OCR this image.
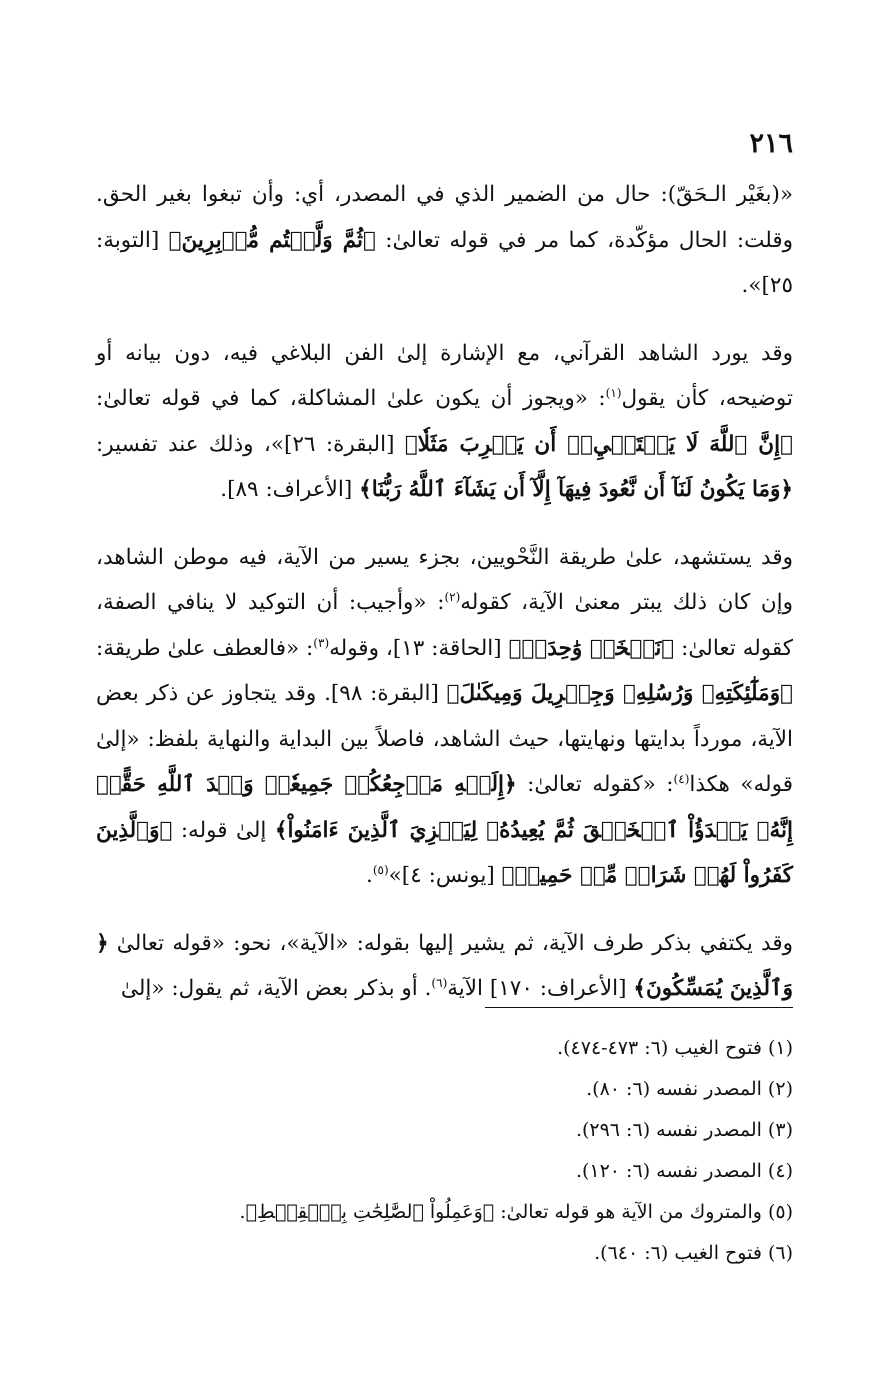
٢١٦

«(بغَيْر الـحَقّ): حال من الضمير الذي في المصدر، أي: وأن تبغوا بغير الحق. وقلت: الحال مؤكّدة، كما مر في قوله تعالىٰ: ﴿ثُمَّ وَلَّيۡتُم مُّدۡبِرِينَ﴾ [التوبة: ٢٥]».

وقد يورد الشاهد القرآني، مع الإشارة إلىٰ الفن البلاغي فيه، دون بيانه أو توضيحه، كأن يقول$^{(١)}$: «ويجوز أن يكون علىٰ المشاكلة، كما في قوله تعالىٰ: ﴿إِنَّ ٱللَّهَ لَا يَسۡتَحۡيِۦٓ أَن يَضۡرِبَ مَثَلٗا﴾ [البقرة: ٢٦]»، وذلك عند تفسير: ﴿وَمَا يَكُونُ لَنَآ أَن نَّعُودَ فِيهَآ إِلَّآ أَن يَشَآءَ ٱللَّهُ رَبُّنَا﴾ [الأعراف: ٨٩].

وقد يستشهد، علىٰ طريقة النَّحْويين، بجزء يسير من الآية، فيه موطن الشاهد، وإن كان ذلك يبتر معنىٰ الآية، كقوله$^{(٢)}$: «وأجيب: أن التوكيد لا ينافي الصفة، كقوله تعالىٰ: ﴿نَفۡخَةٞ وَٰحِدَةٞ﴾ [الحاقة: ١٣]، وقوله$^{(٣)}$: «فالعطف علىٰ طريقة: ﴿وَمَلَٰٓئِكَتِهِۦ وَرُسُلِهِۦ وَجِبۡرِيلَ وَمِيكَىٰلَ﴾ [البقرة: ٩٨]. وقد يتجاوز عن ذكر بعض الآية، مورداً بدايتها ونهايتها، حيث الشاهد، فاصلاً بين البداية والنهاية بلفظ: «إلىٰ قوله» هكذا$^{(٤)}$: «كقوله تعالىٰ: ﴿إِلَيۡهِ مَرۡجِعُكُمۡ جَمِيعٗاۖ وَعۡدَ ٱللَّهِ حَقًّاۚ إِنَّهُۥ يَبۡدَؤُاْ ٱلۡخَلۡقَ ثُمَّ يُعِيدُهُۥ لِيَجۡزِيَ ٱلَّذِينَ ءَامَنُواْ﴾ إلىٰ قوله: ﴿وَٱلَّذِينَ كَفَرُواْ لَهُمۡ شَرَابٞ مِّنۡ حَمِيمٖ﴾ [يونس: ٤]»$^{(٥)}$.

وقد يكتفي بذكر طرف الآية، ثم يشير إليها بقوله: «الآية»، نحو: «قوله تعالىٰ ﴿ وَٱلَّذِينَ يُمَسِّكُونَ﴾ [الأعراف: ١٧٠] الآية$^{(٦)}$. أو بذكر بعض الآية، ثم يقول: «إلىٰ

(١) فتوح الغيب (٦: ٤٧٣-٤٧٤).

(٢) المصدر نفسه (٦: ٨٠).

(٣) المصدر نفسه (٦: ٢٩٦).

(٤) المصدر نفسه (٦: ١٢٠).

(٥) والمتروك من الآية هو قوله تعالىٰ: ﴿وَعَمِلُواْ ٱلصَّٰلِحَٰتِ بِٱلۡقِسۡطِ﴾.

(٦) فتوح الغيب (٦: ٦٤٠).
